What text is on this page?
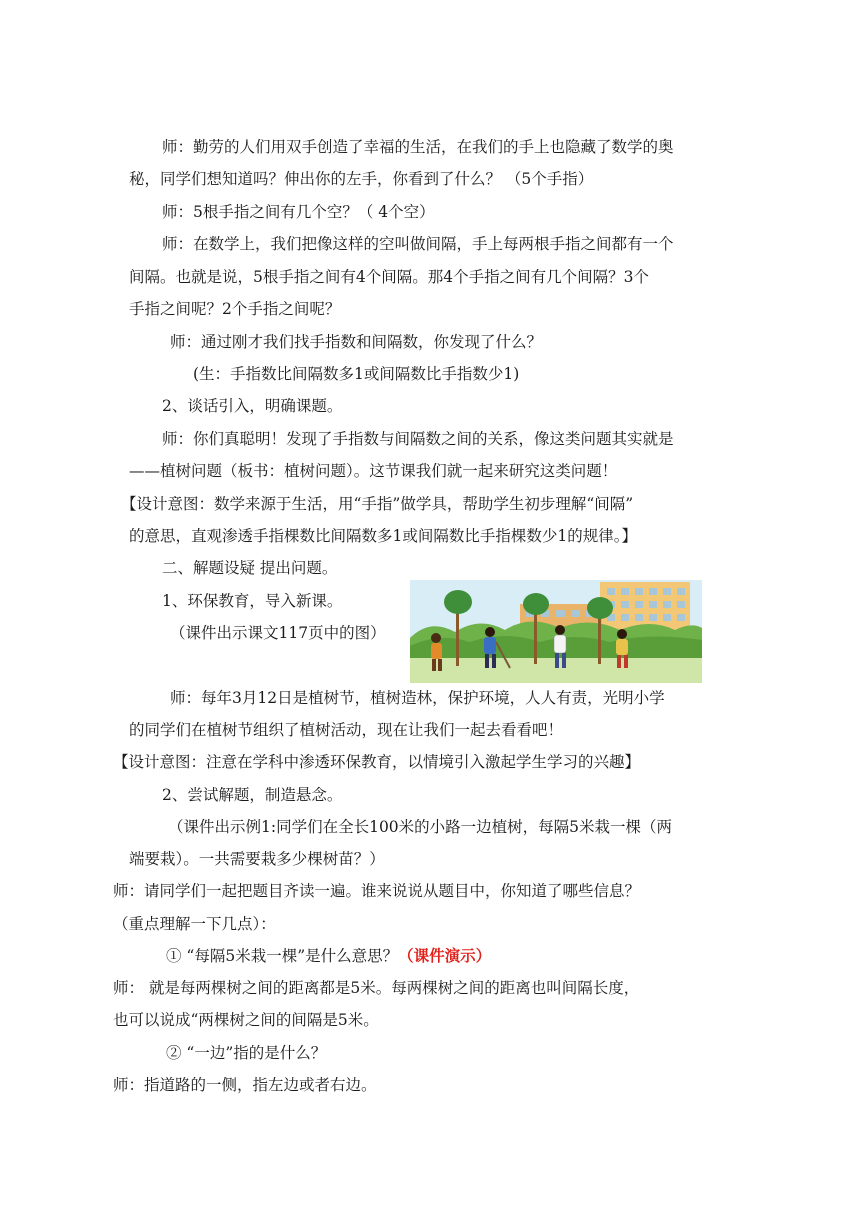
师：勤劳的人们用双手创造了幸福的生活，在我们的手上也隐藏了数学的奥
秘，同学们想知道吗？伸出你的左手，你看到了什么？ （5个手指）
师：5根手指之间有几个空？（ 4个空）
师：在数学上，我们把像这样的空叫做间隔，手上每两根手指之间都有一个
间隔。也就是说，5根手指之间有4个间隔。那4个手指之间有几个间隔？3个
手指之间呢？2个手指之间呢？
师：通过刚才我们找手指数和间隔数，你发现了什么？
(生：手指数比间隔数多1或间隔数比手指数少1)
2、谈话引入，明确课题。
师：你们真聪明！发现了手指数与间隔数之间的关系，像这类问题其实就是
——植树问题（板书：植树问题）。这节课我们就一起来研究这类问题！
【设计意图：数学来源于生活，用“手指”做学具，帮助学生初步理解“间隔”
的意思，直观渗透手指棵数比间隔数多1或间隔数比手指棵数少1的规律。】
二、解题设疑 提出问题。
1、环保教育，导入新课。
（课件出示课文117页中的图）
师：每年3月12日是植树节，植树造林，保护环境，人人有责，光明小学
的同学们在植树节组织了植树活动，现在让我们一起去看看吧！
【设计意图：注意在学科中渗透环保教育，以情境引入激起学生学习的兴趣】
2、尝试解题，制造悬念。
（课件出示例1:同学们在全长100米的小路一边植树，每隔5米栽一棵（两
端要栽）。一共需要栽多少棵树苗？）
师：请同学们一起把题目齐读一遍。谁来说说从题目中，你知道了哪些信息？
（重点理解一下几点）：
① “每隔5米栽一棵”是什么意思？（课件演示）
师： 就是每两棵树之间的距离都是5米。每两棵树之间的距离也叫间隔长度，
也可以说成“两棵树之间的间隔是5米。
② “一边”指的是什么？
师：指道路的一侧，指左边或者右边。
